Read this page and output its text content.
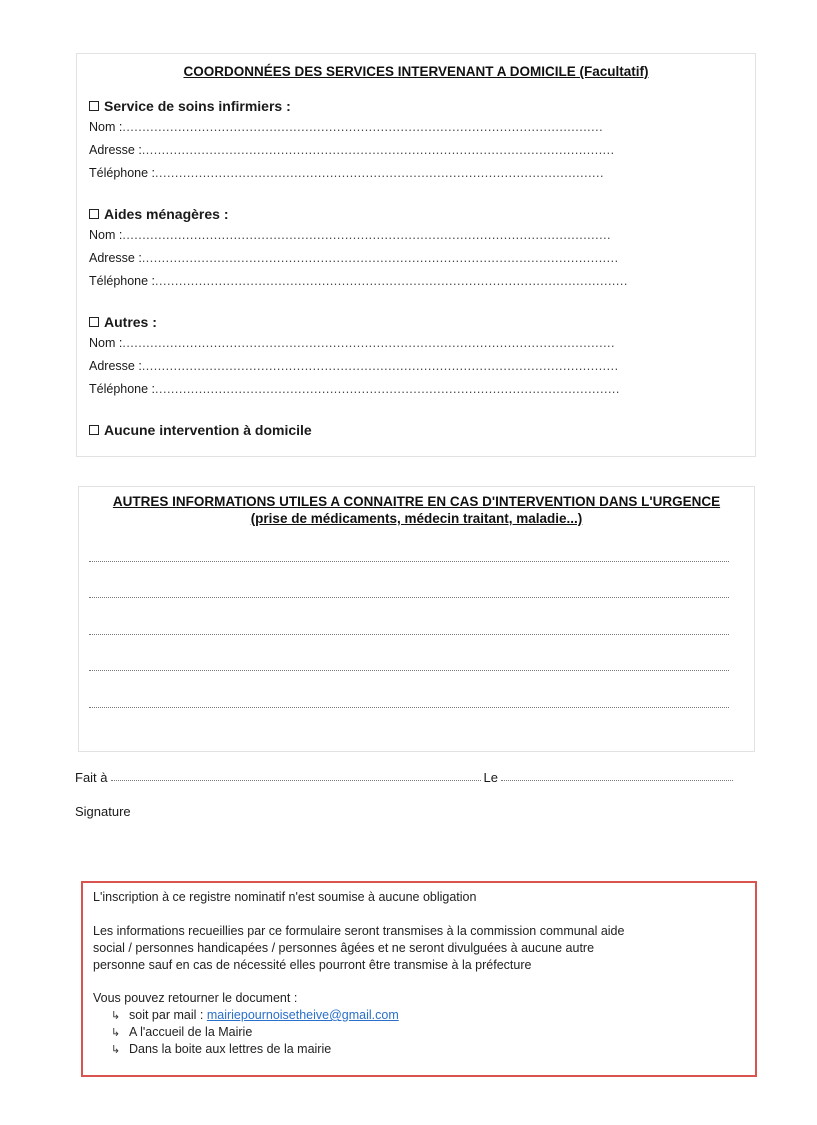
COORDONNÉES DES SERVICES INTERVENANT A DOMICILE (Facultatif)
Service de soins infirmiers :
Nom : .........................................................................................................................
Adresse : .......................................................................................................................
Téléphone : .................................................................................................................
Aides ménagères :
Nom : ...........................................................................................................................
Adresse : ........................................................................................................................
Téléphone : .......................................................................................................................
Autres :
Nom : ............................................................................................................................
Adresse : ........................................................................................................................
Téléphone : .....................................................................................................................
Aucune intervention à domicile
AUTRES INFORMATIONS UTILES A CONNAITRE EN CAS D'INTERVENTION DANS L'URGENCE (prise de médicaments, médecin traitant, maladie...)
Fait à	Le
Signature
L'inscription à ce registre nominatif n'est soumise à aucune obligation
Les informations recueillies par ce formulaire seront transmises à la commission communal aide
social / personnes handicapées / personnes âgées et ne seront divulguées à aucune autre
personne sauf en cas de nécessité elles pourront être transmise à la préfecture
Vous pouvez retourner le document :
↳ soit par mail : mairiepournoisetheive@gmail.com
↳ A l'accueil de la Mairie
↳ Dans la boite aux lettres de la mairie
